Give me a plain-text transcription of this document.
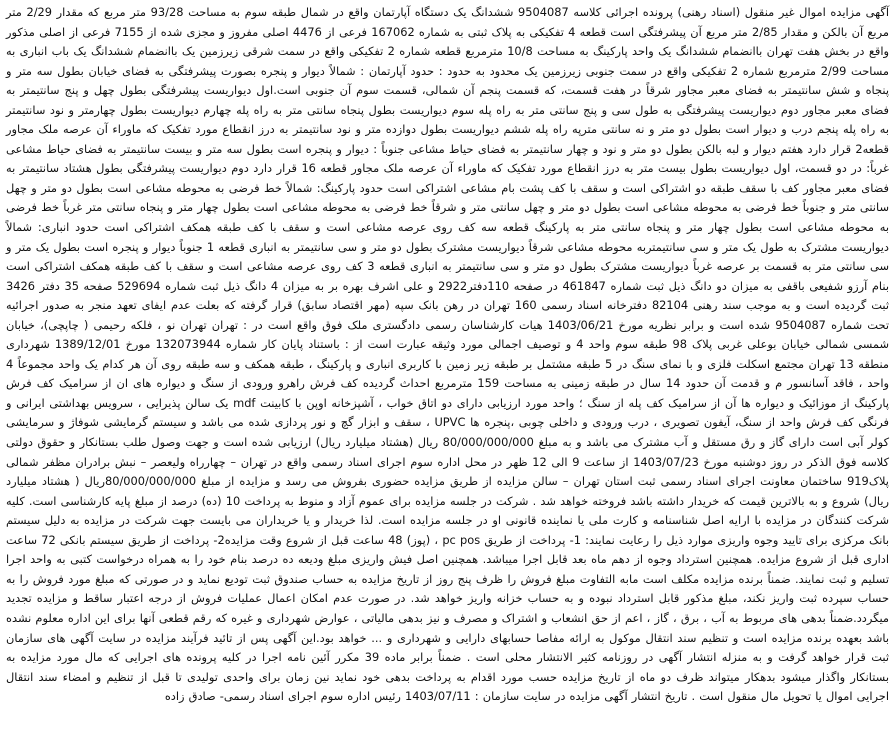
آگهی مزایده اموال غیر منقول (اسناد رهنی) پرونده اجرائی کلاسه 9504087 ششدانگ یک دستگاه آپارتمان واقع در شمال طبقه سوم به مساحت 93/28 متر مربع که مقدار 2/29 متر مربع آن بالکن و مقدار 2/85 متر مربع آن پیشرفتگی است قطعه 4 تفکیکی به پلاک ثبتی به شماره 167062 فرعی از 4476 اصلی مفروز و مجزی شده از 7155 فرعی از اصلی مذکور واقع در بخش هفت تهران باانضمام ششدانگ یک واحد پارکینگ به مساحت 10/8 مترمربع قطعه شماره 2 تفکیکی واقع در سمت شرقی زیرزمین یک باانضمام ششدانگ یک باب انباری به مساحت 2/99 مترمربع شماره 2 تفکیکی واقع در سمت جنوبی زیرزمین یک محدود به حدود : حدود آپارتمان : شمالاً دیوار و پنجره بصورت پیشرفتگی به فضای خیابان بطول سه متر و پنجاه و شش سانتیمتر به فضای معبر مجاور شرقاً در هفت قسمت، که قسمت پنجم آن شمالی، قسمت سوم آن جنوبی است.اول دیواریست پیشرفتگی بطول چهل و پنج سانتیمتر به فضای معبر مجاور دوم دیواریست پیشرفتگی به طول سی و پنج سانتی متر به راه پله سوم دیواریست بطول پنجاه سانتی متر به راه پله چهارم دیواریست بطول چهارمتر و نود سانتیمتر به راه پله پنجم درب و دیوار است بطول دو متر و نه سانتی مترپه راه پله ششم دیواریست بطول دوازده متر و نود سانتیمتر به درز انقطاع مورد تفکیک که ماوراء آن عرصه ملک مجاور قطعه2 قرار دارد هفتم دیوار و لبه بالکن بطول دو متر و نود و چهار سانتیمتر به فضای حیاط مشاعی جنوباً : دیوار و پنجره است بطول سه متر و بیست سانتیمتر به فضای حیاط مشاعی غرباً: در دو قسمت، اول دیواریست بطول بیست متر به درز انقطاع مورد تفکیک که ماوراء آن عرصه ملک مجاور قطعه 16 قرار دارد دوم دیواریست پیشرفتگی بطول هشتاد سانتیمتر به فضای معبر مجاور کف با سقف طبقه دو اشتراکی است و سقف با کف پشت بام مشاعی اشتراکی است حدود پارکینگ: شمالاً خط فرضی به محوطه مشاعی است بطول دو متر و چهل سانتی متر و جنوباً خط فرضی به محوطه مشاعی است بطول دو متر و چهل سانتی متر و شرقاً خط فرضی به محوطه مشاعی است بطول چهار متر و پنجاه سانتی متر غرباً خط فرضی به محوطه مشاعی است بطول چهار متر و پنجاه سانتی متر به پارکینگ قطعه سه کف روی عرصه مشاعی است و سقف با کف طبقه همکف اشتراکی است حدود انباری: شمالاً دیواریست مشترک به طول یک متر و سی سانتیمتربه محوطه مشاعی شرقاً دیواریست مشترک بطول دو متر و سی سانتیمتر به انباری قطعه 1 جنوباً دیوار و پنجره است بطول یک متر و سی سانتی متر به قسمت بر عرصه غرباً دیواریست مشترک بطول دو متر و سی سانتیمتر به انباری قطعه 3 کف روی عرصه مشاعی است و سقف با کف طبقه همکف اشتراکی است بنام آرزو شفیعی باقفی به میزان دو دانگ ذیل ثبت شماره 461847 در صفحه 110دفتر2922 و علی اشرف بهره بر به میزان 4 دانگ ذیل ثبت شماره 529694 صفحه 35 دفتر 3426 ثبت گردیده است و به موجب سند رهنی 82104 دفترخانه اسناد رسمی 160 تهران در رهن بانک سپه (مهر اقتصاد سابق) قرار گرفته که بعلت عدم ایفای تعهد منجر به صدور اجرائیه تحت شماره 9504087 شده است و برابر نظریه مورخ 1403/06/21 هیات کارشناسان رسمی دادگستری ملک فوق واقع است در : تهران تهران نو ، فلکه رحیمی ( چاپچی)، خیابان شمسی شمالی خیابان بوعلی غربی پلاک 98 طبقه سوم واحد 4 و توصیف اجمالی مورد وثیقه عبارت است از : باستناد پایان کار شماره 132073944 مورخ 1389/12/01 شهرداری منطقه 13 تهران مجتمع اسکلت فلزی و با نمای سنگ در 5 طبقه مشتمل بر طبقه زیر زمین با کاربری انباری و پارکینگ ، طبقه همکف و سه طبقه روی آن هر کدام یک واحد مجموعاً 4 واحد ، فاقد آسانسور م و قدمت آن حدود 14 سال در طبقه زمینی به مساحت 159 مترمربع احداث گردیده کف فرش راهرو ورودی از سنگ و دیواره های ان از سرامیک کف فرش پارکینگ از موزائیک و دیواره ها آن از سرامیک کف پله از سنگ ؛ واحد مورد ارزیابی دارای دو اتاق خواب ، آشپزخانه اوپن با کابینت mdf یک سالن پذیرایی ، سرویس بهداشتی ایرانی و فرنگی کف فرش واحد از سنگ، آیفون تصویری ، درب ورودی و داخلی چوبی ،پنجره ها UPVC ، سقف و ابزار گچ و نور پردازی شده می باشد و سیستم گرمایشی شوفاژ و سرمایشی کولر آبی است دارای گاز و رق مستقل و آب مشترک می باشد و به مبلغ 80/000/000/000 ریال (هشتاد میلیارد ریال) ارزیابی شده است و جهت وصول طلب بستانکار و حقوق دولتی کلاسه فوق الذکر در روز دوشنبه مورخ 1403/07/23 از ساعت 9 الی 12 ظهر در محل اداره سوم اجرای اسناد رسمی واقع در تهران – چهارراه ولیعصر – نبش برادران مظفر شمالی پلاک919 ساختمان معاونت اجرای اسناد رسمی ثبت استان تهران – سالن مزایده از طریق مزایده حضوری بفروش می رسد و مزایده از مبلغ 80/000/000/000ریال ( هشتاد میلیارد ریال) شروع و به بالاترین قیمت که خریدار داشته باشد فروخته خواهد شد . شرکت در جلسه مزایده برای عموم آزاد و منوط به پرداخت 10 (ده) درصد از مبلغ پایه کارشناسی است. کلیه شرکت کنندگان در مزایده با ارایه اصل شناسنامه و کارت ملی یا نماینده قانونی او در جلسه مزایده است. لذا خریدار و یا خریداران می بایست جهت شرکت در مزایده به دلیل سیستم بانک مرکزی برای تایید وجوه واریزی موارد ذیل را رعایت نمایند: 1- پرداخت از طریق pc pos ، (پوز) 48 ساعت قبل از شروع وقت مزایده2- پرداخت از طریق سیستم بانکی 72 ساعت اداری قبل از شروع مزایده. همچنین استرداد وجوه از دهم ماه بعد قابل اجرا میباشد. همچنین اصل فیش واریزی مبلغ ودیعه ده درصد بنام خود را به همراه درخواست کتبی به واحد اجرا تسلیم و ثبت نمایند. ضمناً برنده مزایده مکلف است مابه التفاوت مبلغ فروش را ظرف پنج روز از تاریخ مزایده به حساب صندوق ثبت تودیع نماید و در صورتی که مبلغ مورد فروش را به حساب سپرده ثبت واریز نکند، مبلغ مذکور قابل استرداد نبوده و به حساب خزانه واریز خواهد شد. در صورت عدم امکان اعمال عملیات فروش از درجه اعتبار ساقط و مزایده تجدید میگردد.ضمناً بدهی های مربوط به آب ، برق ، گاز ، اعم از حق انشعاب و اشتراک و مصرف و نیز بدهی مالیاتی ، عوارض شهرداری و غیره که رقم قطعی آنها برای این اداره معلوم نشده باشد بعهده برنده مزایده است و تنظیم سند انتقال موکول به ارائه مفاصا حسابهای دارایی و شهرداری و ... خواهد بود.این آگهی پس از تائید فرآیند مزایده در سایت آگهی های سازمان ثبت قرار خواهد گرفت و به منزله انتشار آگهی در روزنامه کثیر الانتشار محلی است . ضمناً برابر ماده 39 مکرر آئین نامه اجرا در کلیه پرونده های اجرایی که مال مورد مزایده به بستانکار واگذار میشود بدهکار میتواند ظرف دو ماه از تاریخ مزایده حسب مورد اقدام به پرداخت بدهی خود نماید نین زمان برای واحدی تولیدی تا قبل از تنظیم و امضاء سند انتقال اجرایی اموال یا تحویل مال منقول است . تاریخ انتشار آگهی مزایده در سایت سازمان : 1403/07/11 رئیس اداره سوم اجرای اسناد رسمی- صادق زاده
